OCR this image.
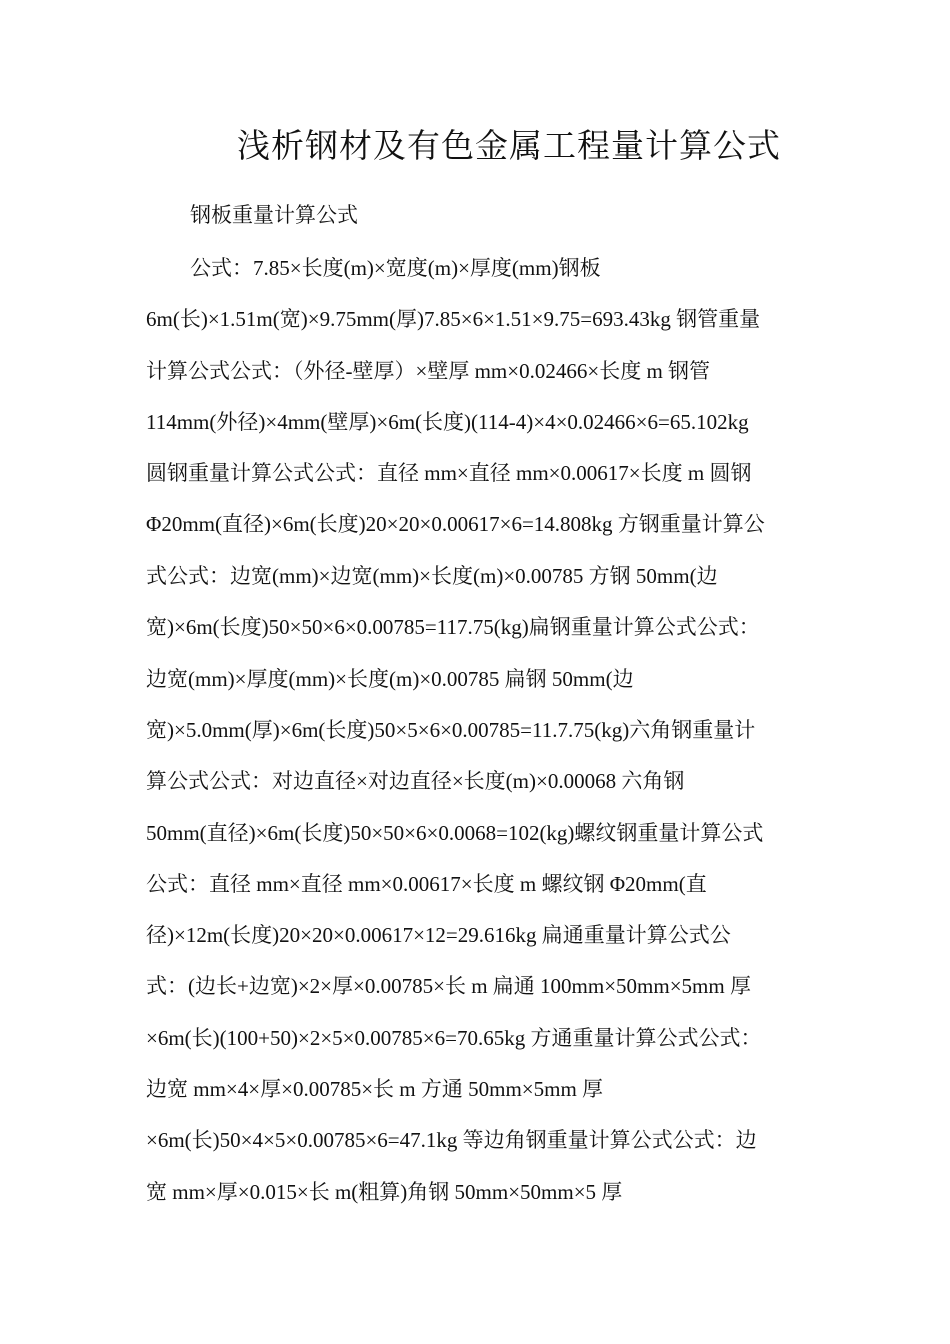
浅析钢材及有色金属工程量计算公式
钢板重量计算公式
公式：7.85×长度(m)×宽度(m)×厚度(mm)钢板
6m(长)×1.51m(宽)×9.75mm(厚)7.85×6×1.51×9.75=693.43kg 钢管重量
计算公式公式：（外径-壁厚）×壁厚 mm×0.02466×长度 m 钢管
114mm(外径)×4mm(壁厚)×6m(长度)(114-4)×4×0.02466×6=65.102kg
圆钢重量计算公式公式：直径 mm×直径 mm×0.00617×长度 m 圆钢
Φ20mm(直径)×6m(长度)20×20×0.00617×6=14.808kg 方钢重量计算公
式公式：边宽(mm)×边宽(mm)×长度(m)×0.00785 方钢 50mm(边
宽)×6m(长度)50×50×6×0.00785=117.75(kg)扁钢重量计算公式公式：
边宽(mm)×厚度(mm)×长度(m)×0.00785 扁钢 50mm(边
宽)×5.0mm(厚)×6m(长度)50×5×6×0.00785=11.7.75(kg)六角钢重量计
算公式公式：对边直径×对边直径×长度(m)×0.00068 六角钢
50mm(直径)×6m(长度)50×50×6×0.0068=102(kg)螺纹钢重量计算公式
公式：直径 mm×直径 mm×0.00617×长度 m 螺纹钢 Φ20mm(直
径)×12m(长度)20×20×0.00617×12=29.616kg 扁通重量计算公式公
式：(边长+边宽)×2×厚×0.00785×长 m 扁通 100mm×50mm×5mm 厚
×6m(长)(100+50)×2×5×0.00785×6=70.65kg 方通重量计算公式公式：
边宽 mm×4×厚×0.00785×长 m 方通 50mm×5mm 厚
×6m(长)50×4×5×0.00785×6=47.1kg 等边角钢重量计算公式公式：边
宽 mm×厚×0.015×长 m(粗算)角钢 50mm×50mm×5 厚
